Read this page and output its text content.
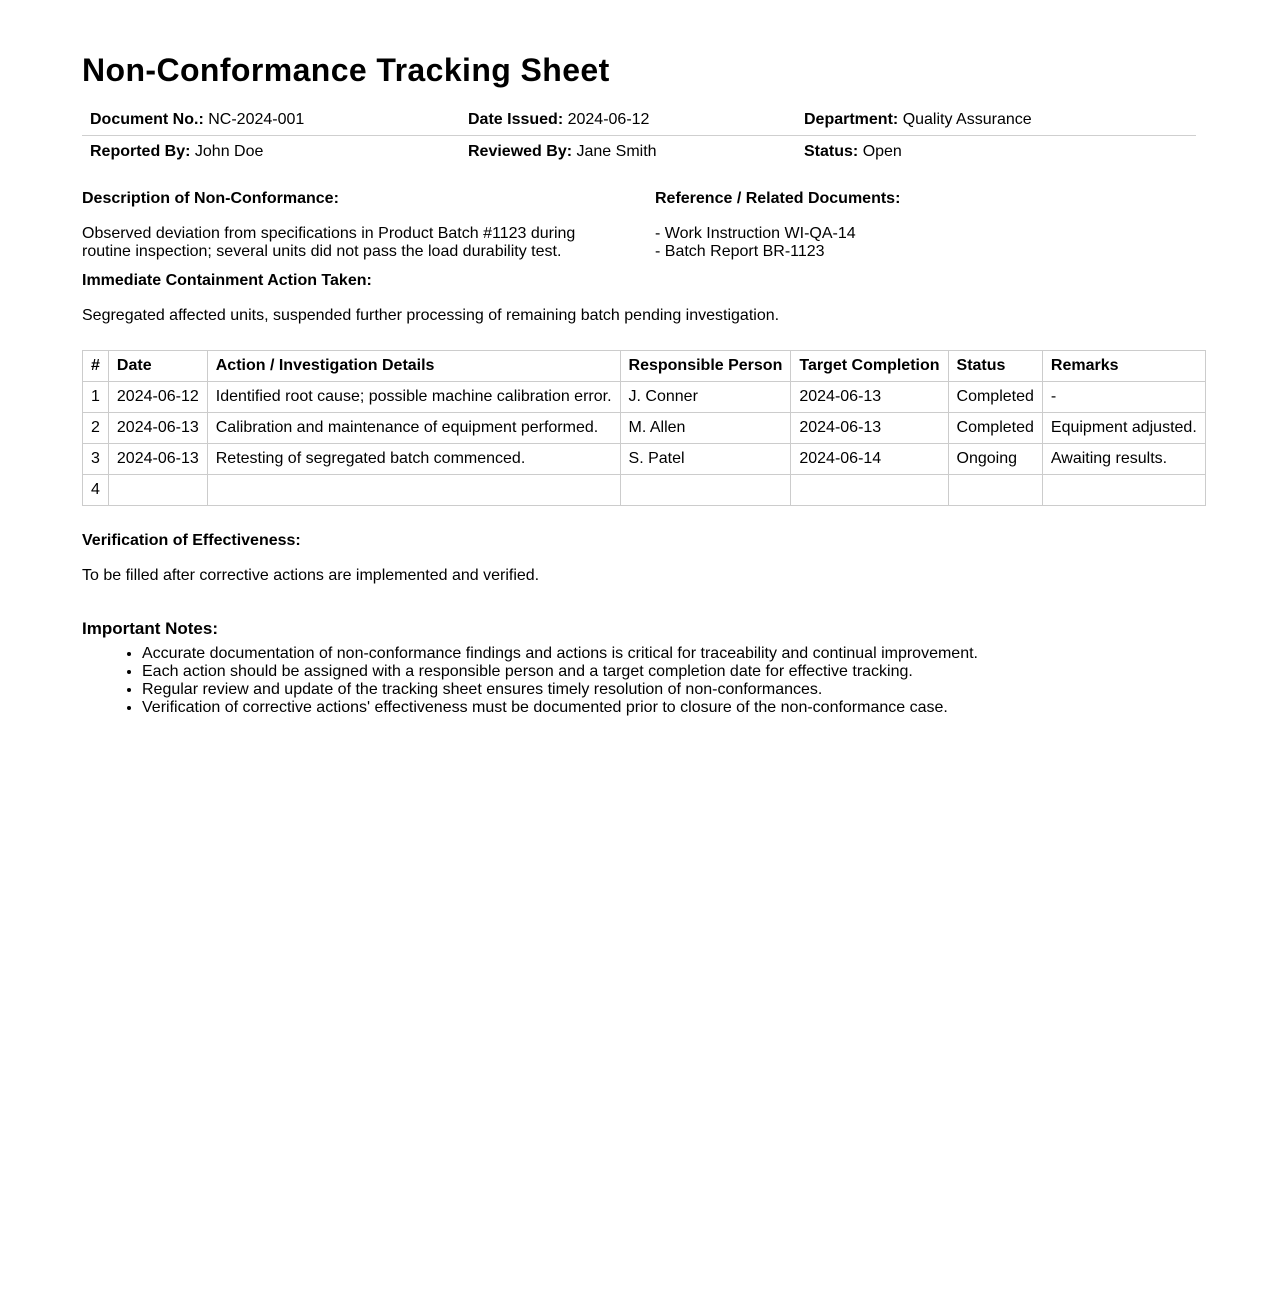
Non-Conformance Tracking Sheet
Document No.: NC-2024-001	Date Issued: 2024-06-12	Department: Quality Assurance
Reported By: John Doe	Reviewed By: Jane Smith	Status: Open
Description of Non-Conformance:
Observed deviation from specifications in Product Batch #1123 during
routine inspection; several units did not pass the load durability test.
Reference / Related Documents:
- Work Instruction WI-QA-14
- Batch Report BR-1123
Immediate Containment Action Taken:
Segregated affected units, suspended further processing of remaining batch pending investigation.
#	Date	Action / Investigation Details	Responsible Person	Target Completion	Status	Remarks
1	2024-06-12	Identified root cause; possible machine calibration error.	J. Conner	2024-06-13	Completed	-
2	2024-06-13	Calibration and maintenance of equipment performed.	M. Allen	2024-06-13	Completed	Equipment adjusted.
3	2024-06-13	Retesting of segregated batch commenced.	S. Patel	2024-06-14	Ongoing	Awaiting results.
4						
Verification of Effectiveness:
To be filled after corrective actions are implemented and verified.
Important Notes:
• Accurate documentation of non-conformance findings and actions is critical for traceability and continual improvement.
• Each action should be assigned with a responsible person and a target completion date for effective tracking.
• Regular review and update of the tracking sheet ensures timely resolution of non-conformances.
• Verification of corrective actions' effectiveness must be documented prior to closure of the non-conformance case.
